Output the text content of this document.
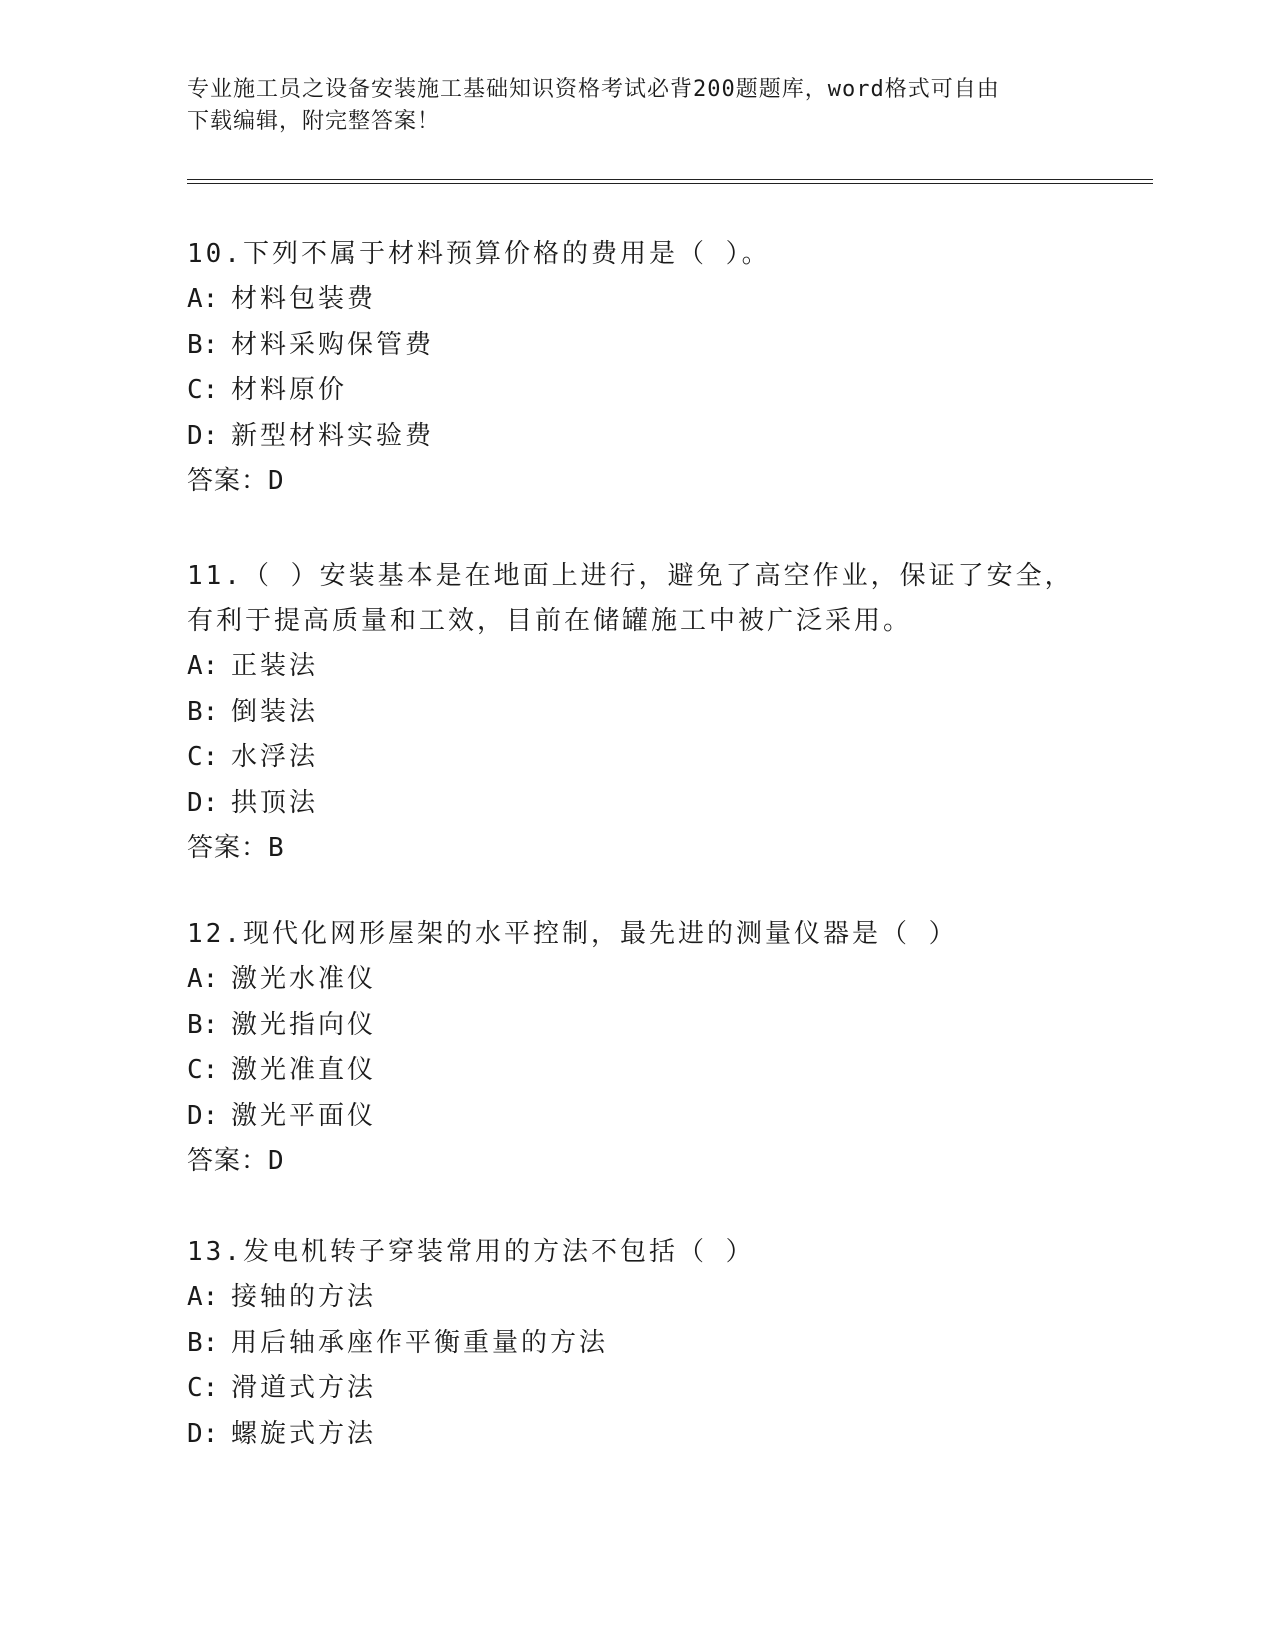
专业施工员之设备安装施工基础知识资格考试必背200题题库，word格式可自由
下载编辑，附完整答案！
10.下列不属于材料预算价格的费用是（ ）。
A: 材料包装费
B: 材料采购保管费
C: 材料原价
D: 新型材料实验费
答案：D
11.（ ）安装基本是在地面上进行，避免了高空作业，保证了安全，
有利于提高质量和工效，目前在储罐施工中被广泛采用。
A: 正装法
B: 倒装法
C: 水浮法
D: 拱顶法
答案：B
12.现代化网形屋架的水平控制，最先进的测量仪器是（ ）
A: 激光水准仪
B: 激光指向仪
C: 激光准直仪
D: 激光平面仪
答案：D
13.发电机转子穿装常用的方法不包括（ ）
A: 接轴的方法
B: 用后轴承座作平衡重量的方法
C: 滑道式方法
D: 螺旋式方法
